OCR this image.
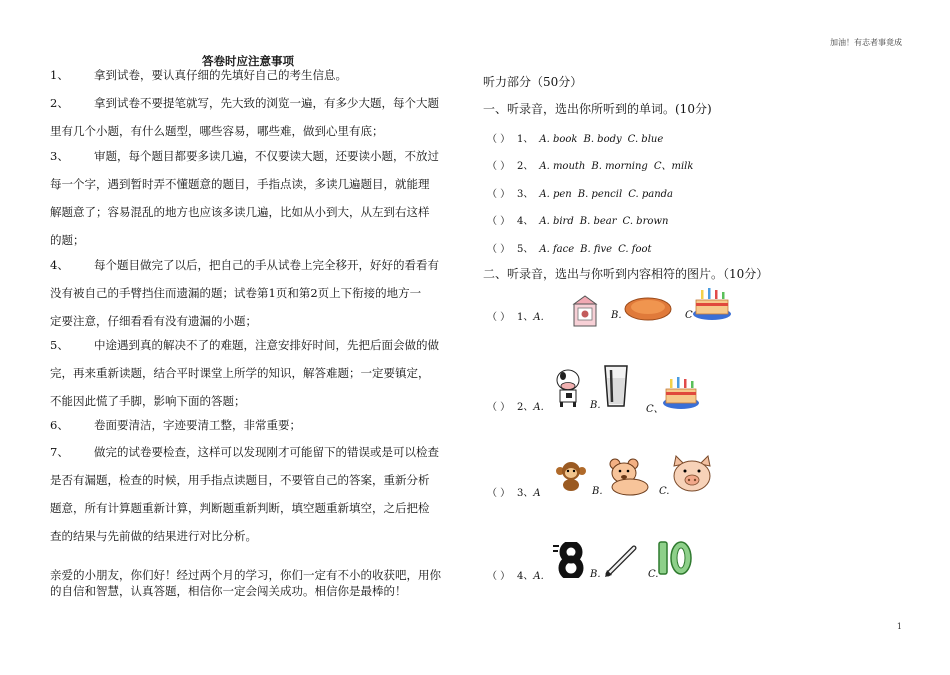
加油！有志者事竟成
1
答卷时应注意事项
1、 拿到试卷，要认真仔细的先填好自己的考生信息。
2、 拿到试卷不要提笔就写，先大致的浏览一遍，有多少大题，每个大题
里有几个小题，有什么题型，哪些容易，哪些难，做到心里有底；
3、 审题，每个题目都要多读几遍，不仅要读大题，还要读小题，不放过
每一个字，遇到暂时弄不懂题意的题目，手指点读，多读几遍题目，就能理
解题意了；容易混乱的地方也应该多读几遍，比如从小到大，从左到右这样
的题；
4、 每个题目做完了以后，把自己的手从试卷上完全移开，好好的看看有
没有被自己的手臂挡住而遗漏的题；试卷第1页和第2页上下衔接的地方一
定要注意，仔细看看有没有遗漏的小题；
5、 中途遇到真的解决不了的难题，注意安排好时间，先把后面会做的做
完，再来重新读题，结合平时课堂上所学的知识，解答难题；一定要镇定，
不能因此慌了手脚，影响下面的答题；
6、 卷面要清洁，字迹要清工整，非常重要；
7、 做完的试卷要检查，这样可以发现刚才可能留下的错误或是可以检查
是否有漏题，检查的时候，用手指点读题目，不要管自己的答案，重新分析
题意，所有计算题重新计算，判断题重新判断，填空题重新填空，之后把检
查的结果与先前做的结果进行对比分析。
亲爱的小朋友，你们好！经过两个月的学习，你们一定有不小的收获吧，用你
的自信和智慧，认真答题，相信你一定会闯关成功。相信你是最棒的！
听力部分（50分）
一、听录音，选出你所听到的单词。(10分)
（ ） 1、 A. book B. body C. blue
（ ） 2、 A. mouth B. morning C、milk
（ ） 3、 A. pen B. pencil C. panda
（ ） 4、 A. bird B. bear C. brown
（ ） 5、 A. face B. five C. foot
二、听录音，选出与你听到内容相符的图片。（10分）
（ ） 1、A.	B.	C
（ ） 2、A.	B.	C、
（ ） 3、A	B.	C.
（ ） 4、A.	B.	C.
